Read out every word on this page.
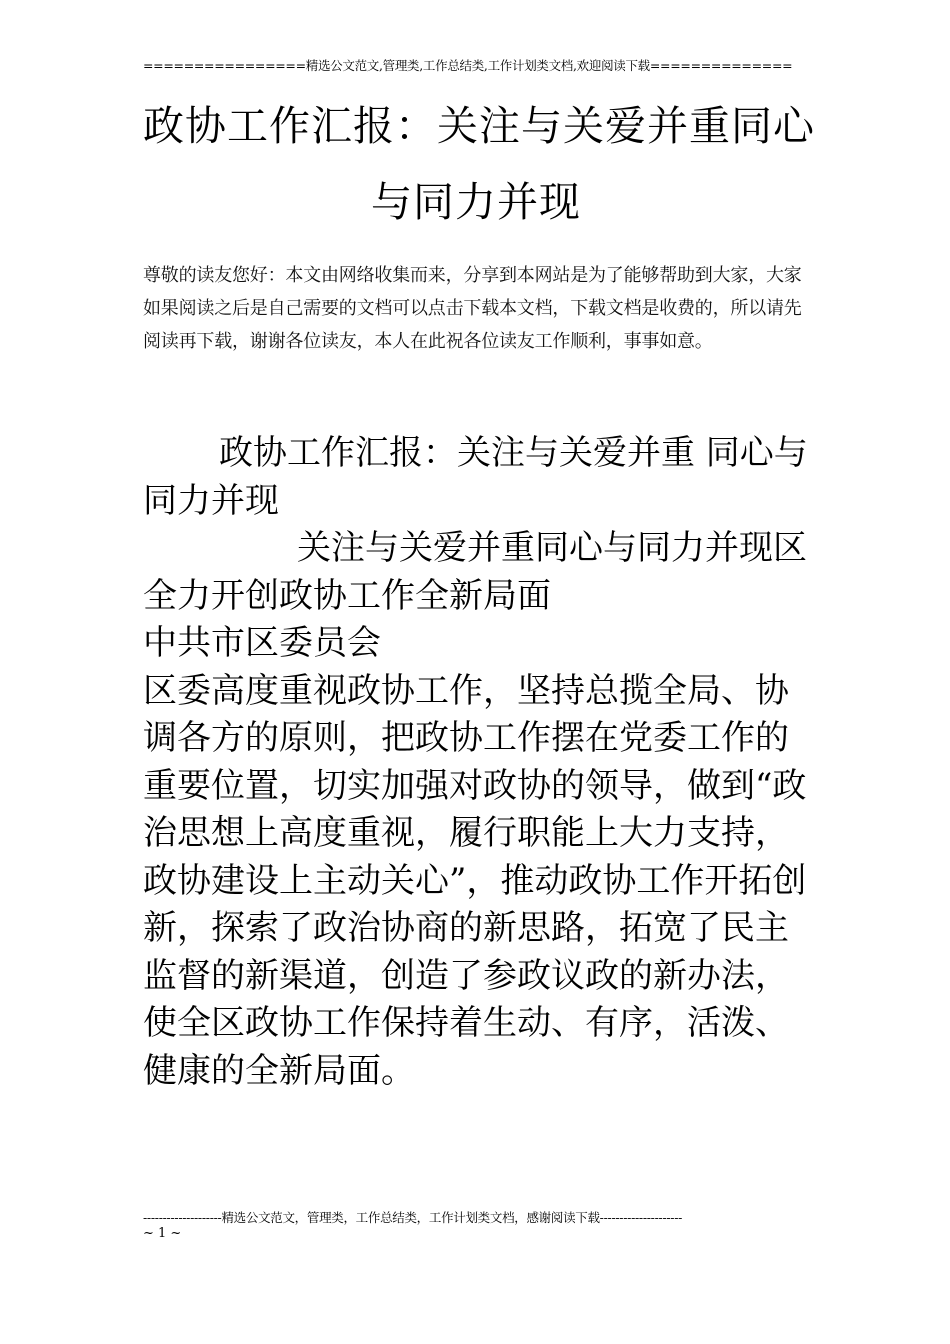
================精选公文范文,管理类,工作总结类,工作计划类文档,欢迎阅读下载==============
政协工作汇报：关注与关爱并重同心
与同力并现
尊敬的读友您好：本文由网络收集而来，分享到本网站是为了能够帮助到大家，大家如果阅读之后是自己需要的文档可以点击下载本文档，下载文档是收费的，所以请先阅读再下载，谢谢各位读友，本人在此祝各位读友工作顺利，事事如意。

政协工作汇报：关注与关爱并重 同心与同力并现

关注与关爱并重同心与同力并现区全力开创政协工作全新局面

中共市区委员会

区委高度重视政协工作，坚持总揽全局、协调各方的原则，把政协工作摆在党委工作的重要位置，切实加强对政协的领导，做到“政治思想上高度重视，履行职能上大力支持，政协建设上主动关心”，推动政协工作开拓创新，探索了政治协商的新思路，拓宽了民主监督的新渠道，创造了参政议政的新办法，使全区政协工作保持着生动、有序，活泼、健康的全新局面。

--------------------精选公文范文，管理类，工作总结类，工作计划类文档，感谢阅读下载---------------------
~ 1 ~
